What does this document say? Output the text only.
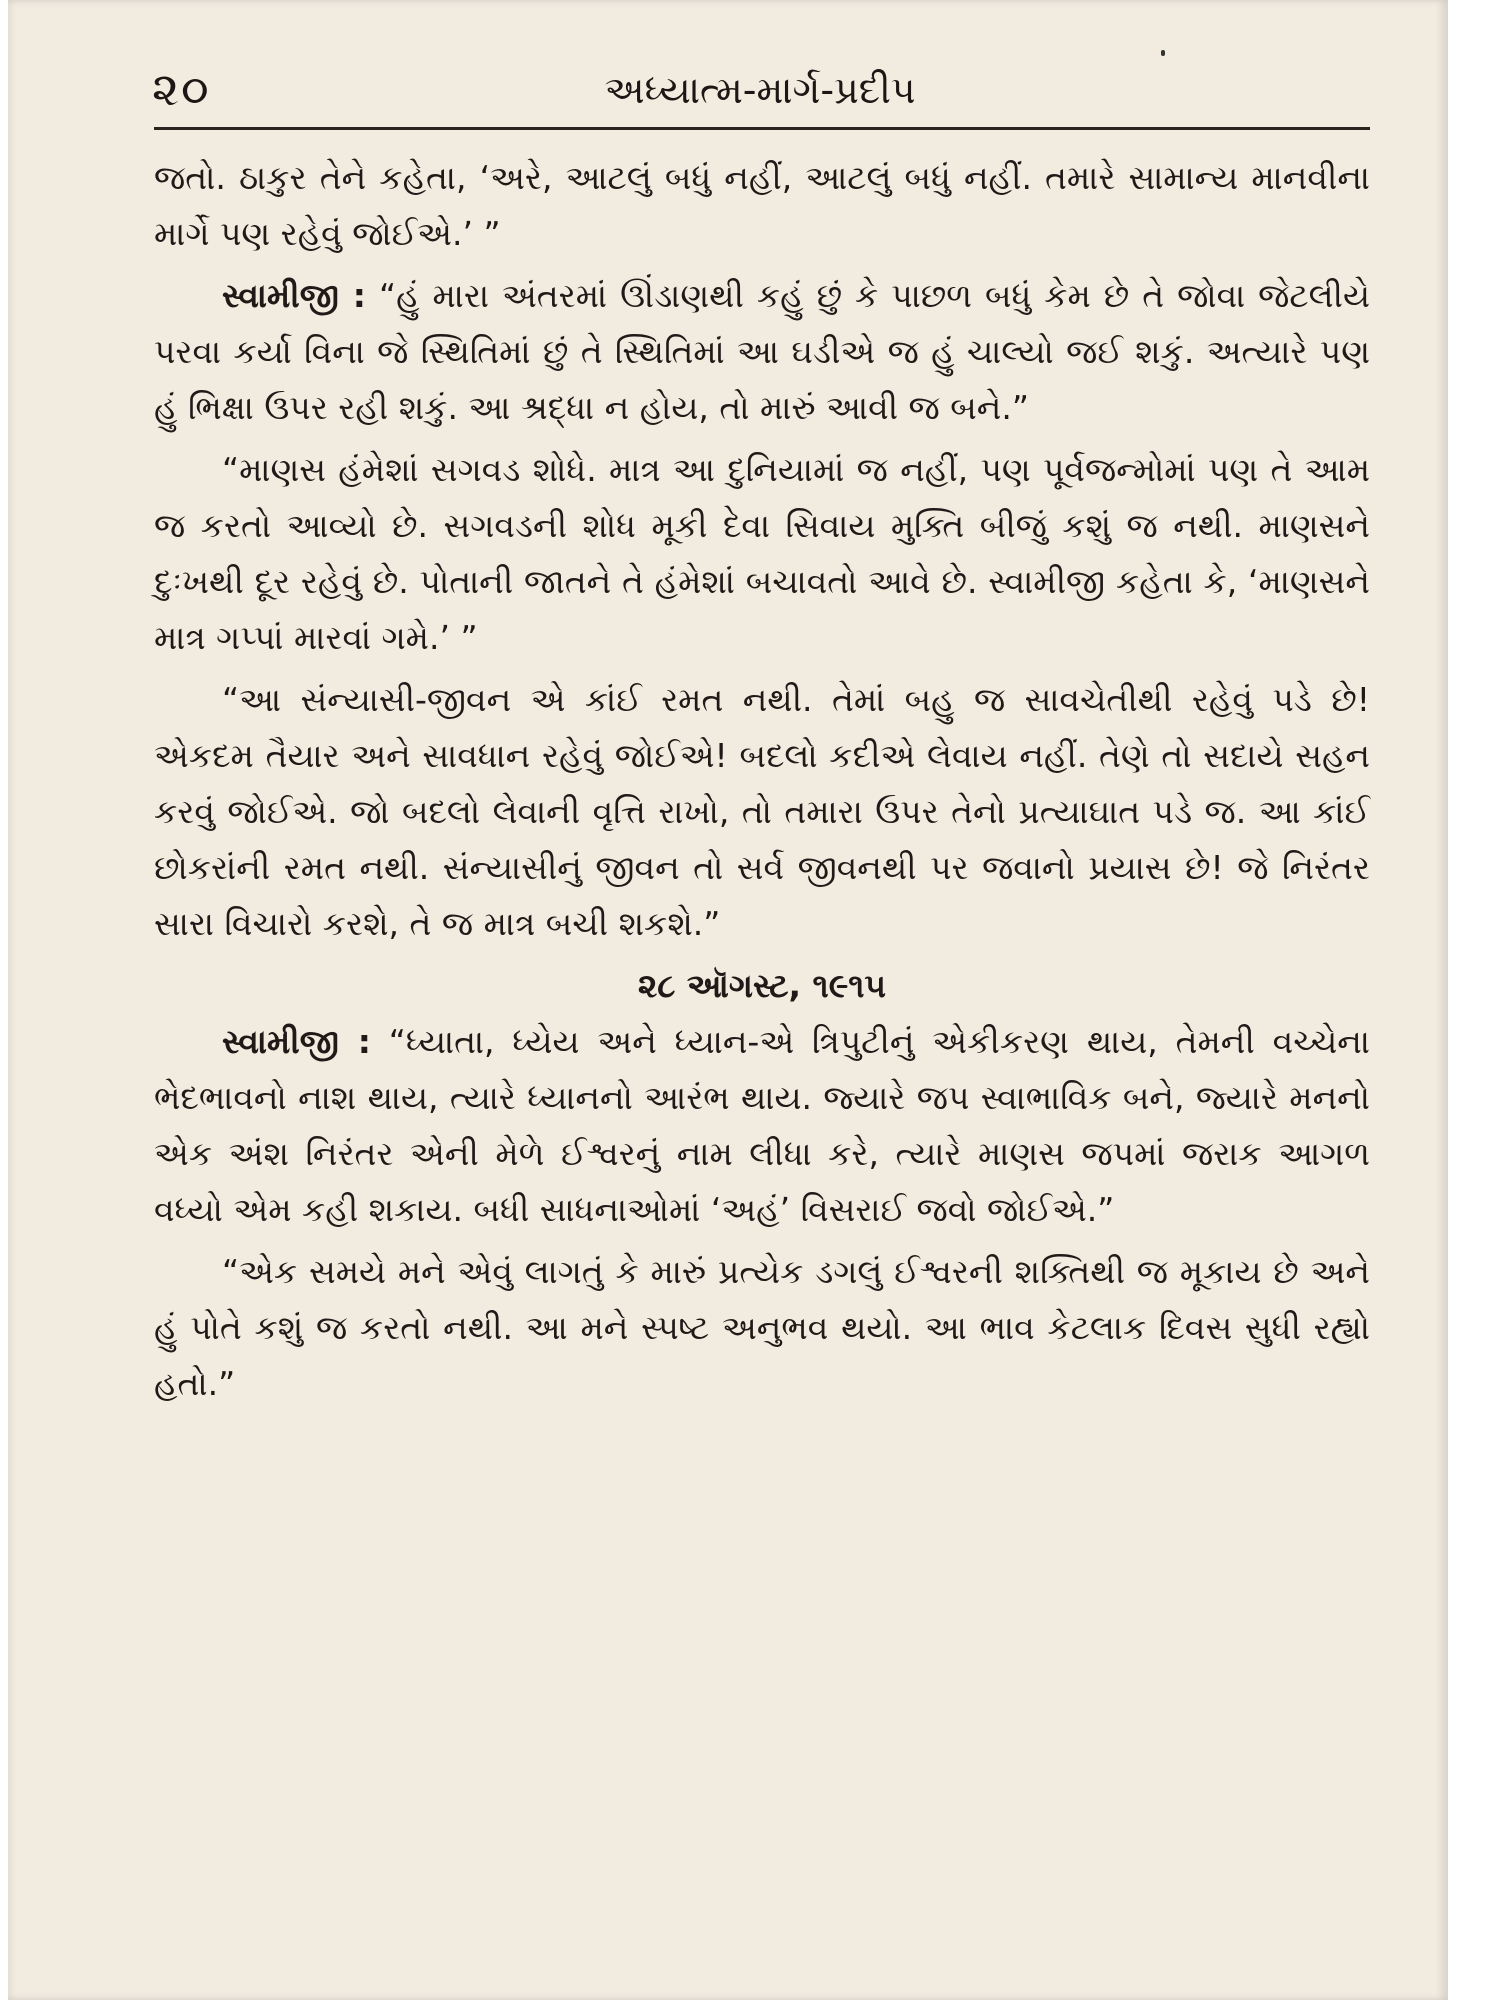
૨૦	અધ્યાત્મ-માર્ગ-પ્રદીપ

જતો. ઠાકુર તેને કહેતા, ‘અરે, આટલું બધું નહીં, આટલું બધું નહીં. તમારે સામાન્ય માનવીના માર્ગે પણ રહેવું જોઈએ.’ ”

સ્વામીજી : “હું મારા અંતરમાં ઊંડાણથી કહું છું કે પાછળ બધું કેમ છે તે જોવા જેટલીયે પરવા કર્યા વિના જે સ્થિતિમાં છું તે સ્થિતિમાં આ ઘડીએ જ હું ચાલ્યો જઈ શકું. અત્યારે પણ હું ભિક્ષા ઉપર રહી શકું. આ શ્રદ્ધા ન હોય, તો મારું આવી જ બને.”

“માણસ હંમેશાં સગવડ શોધે. માત્ર આ દુનિયામાં જ નહીં, પણ પૂર્વજન્મોમાં પણ તે આમ જ કરતો આવ્યો છે. સગવડની શોધ મૂકી દેવા સિવાય મુક્તિ બીજું કશું જ નથી. માણસને દુઃખથી દૂર રહેવું છે. પોતાની જાતને તે હંમેશાં બચાવતો આવે છે. સ્વામીજી કહેતા કે, ‘માણસને માત્ર ગપ્પાં મારવાં ગમે.’ ”

“આ સંન્યાસી-જીવન એ કાંઈ રમત નથી. તેમાં બહુ જ સાવચેતીથી રહેવું પડે છે! એકદમ તૈયાર અને સાવધાન રહેવું જોઈએ! બદલો કદીએ લેવાય નહીં. તેણે તો સદાયે સહન કરવું જોઈએ. જો બદલો લેવાની વૃત્તિ રાખો, તો તમારા ઉપર તેનો પ્રત્યાઘાત પડે જ. આ કાંઈ છોકરાંની રમત નથી. સંન્યાસીનું જીવન તો સર્વ જીવનથી પર જવાનો પ્રયાસ છે! જે નિરંતર સારા વિચારો કરશે, તે જ માત્ર બચી શકશે.”

૨૮ ઑગસ્ટ, ૧૯૧૫

સ્વામીજી : “ધ્યાતા, ધ્યેય અને ધ્યાન-એ ત્રિપુટીનું એકીકરણ થાય, તેમની વચ્ચેના ભેદભાવનો નાશ થાય, ત્યારે ધ્યાનનો આરંભ થાય. જ્યારે જપ સ્વાભાવિક બને, જ્યારે મનનો એક અંશ નિરંતર એની મેળે ઈશ્વરનું નામ લીધા કરે, ત્યારે માણસ જપમાં જરાક આગળ વધ્યો એમ કહી શકાય. બધી સાધનાઓમાં ‘અહં’ વિસરાઈ જવો જોઈએ.”

“એક સમયે મને એવું લાગતું કે મારું પ્રત્યેક ડગલું ઈશ્વરની શક્તિથી જ મૂકાય છે અને હું પોતે કશું જ કરતો નથી. આ મને સ્પષ્ટ અનુભવ થયો. આ ભાવ કેટલાક દિવસ સુધી રહ્યો હતો.”
